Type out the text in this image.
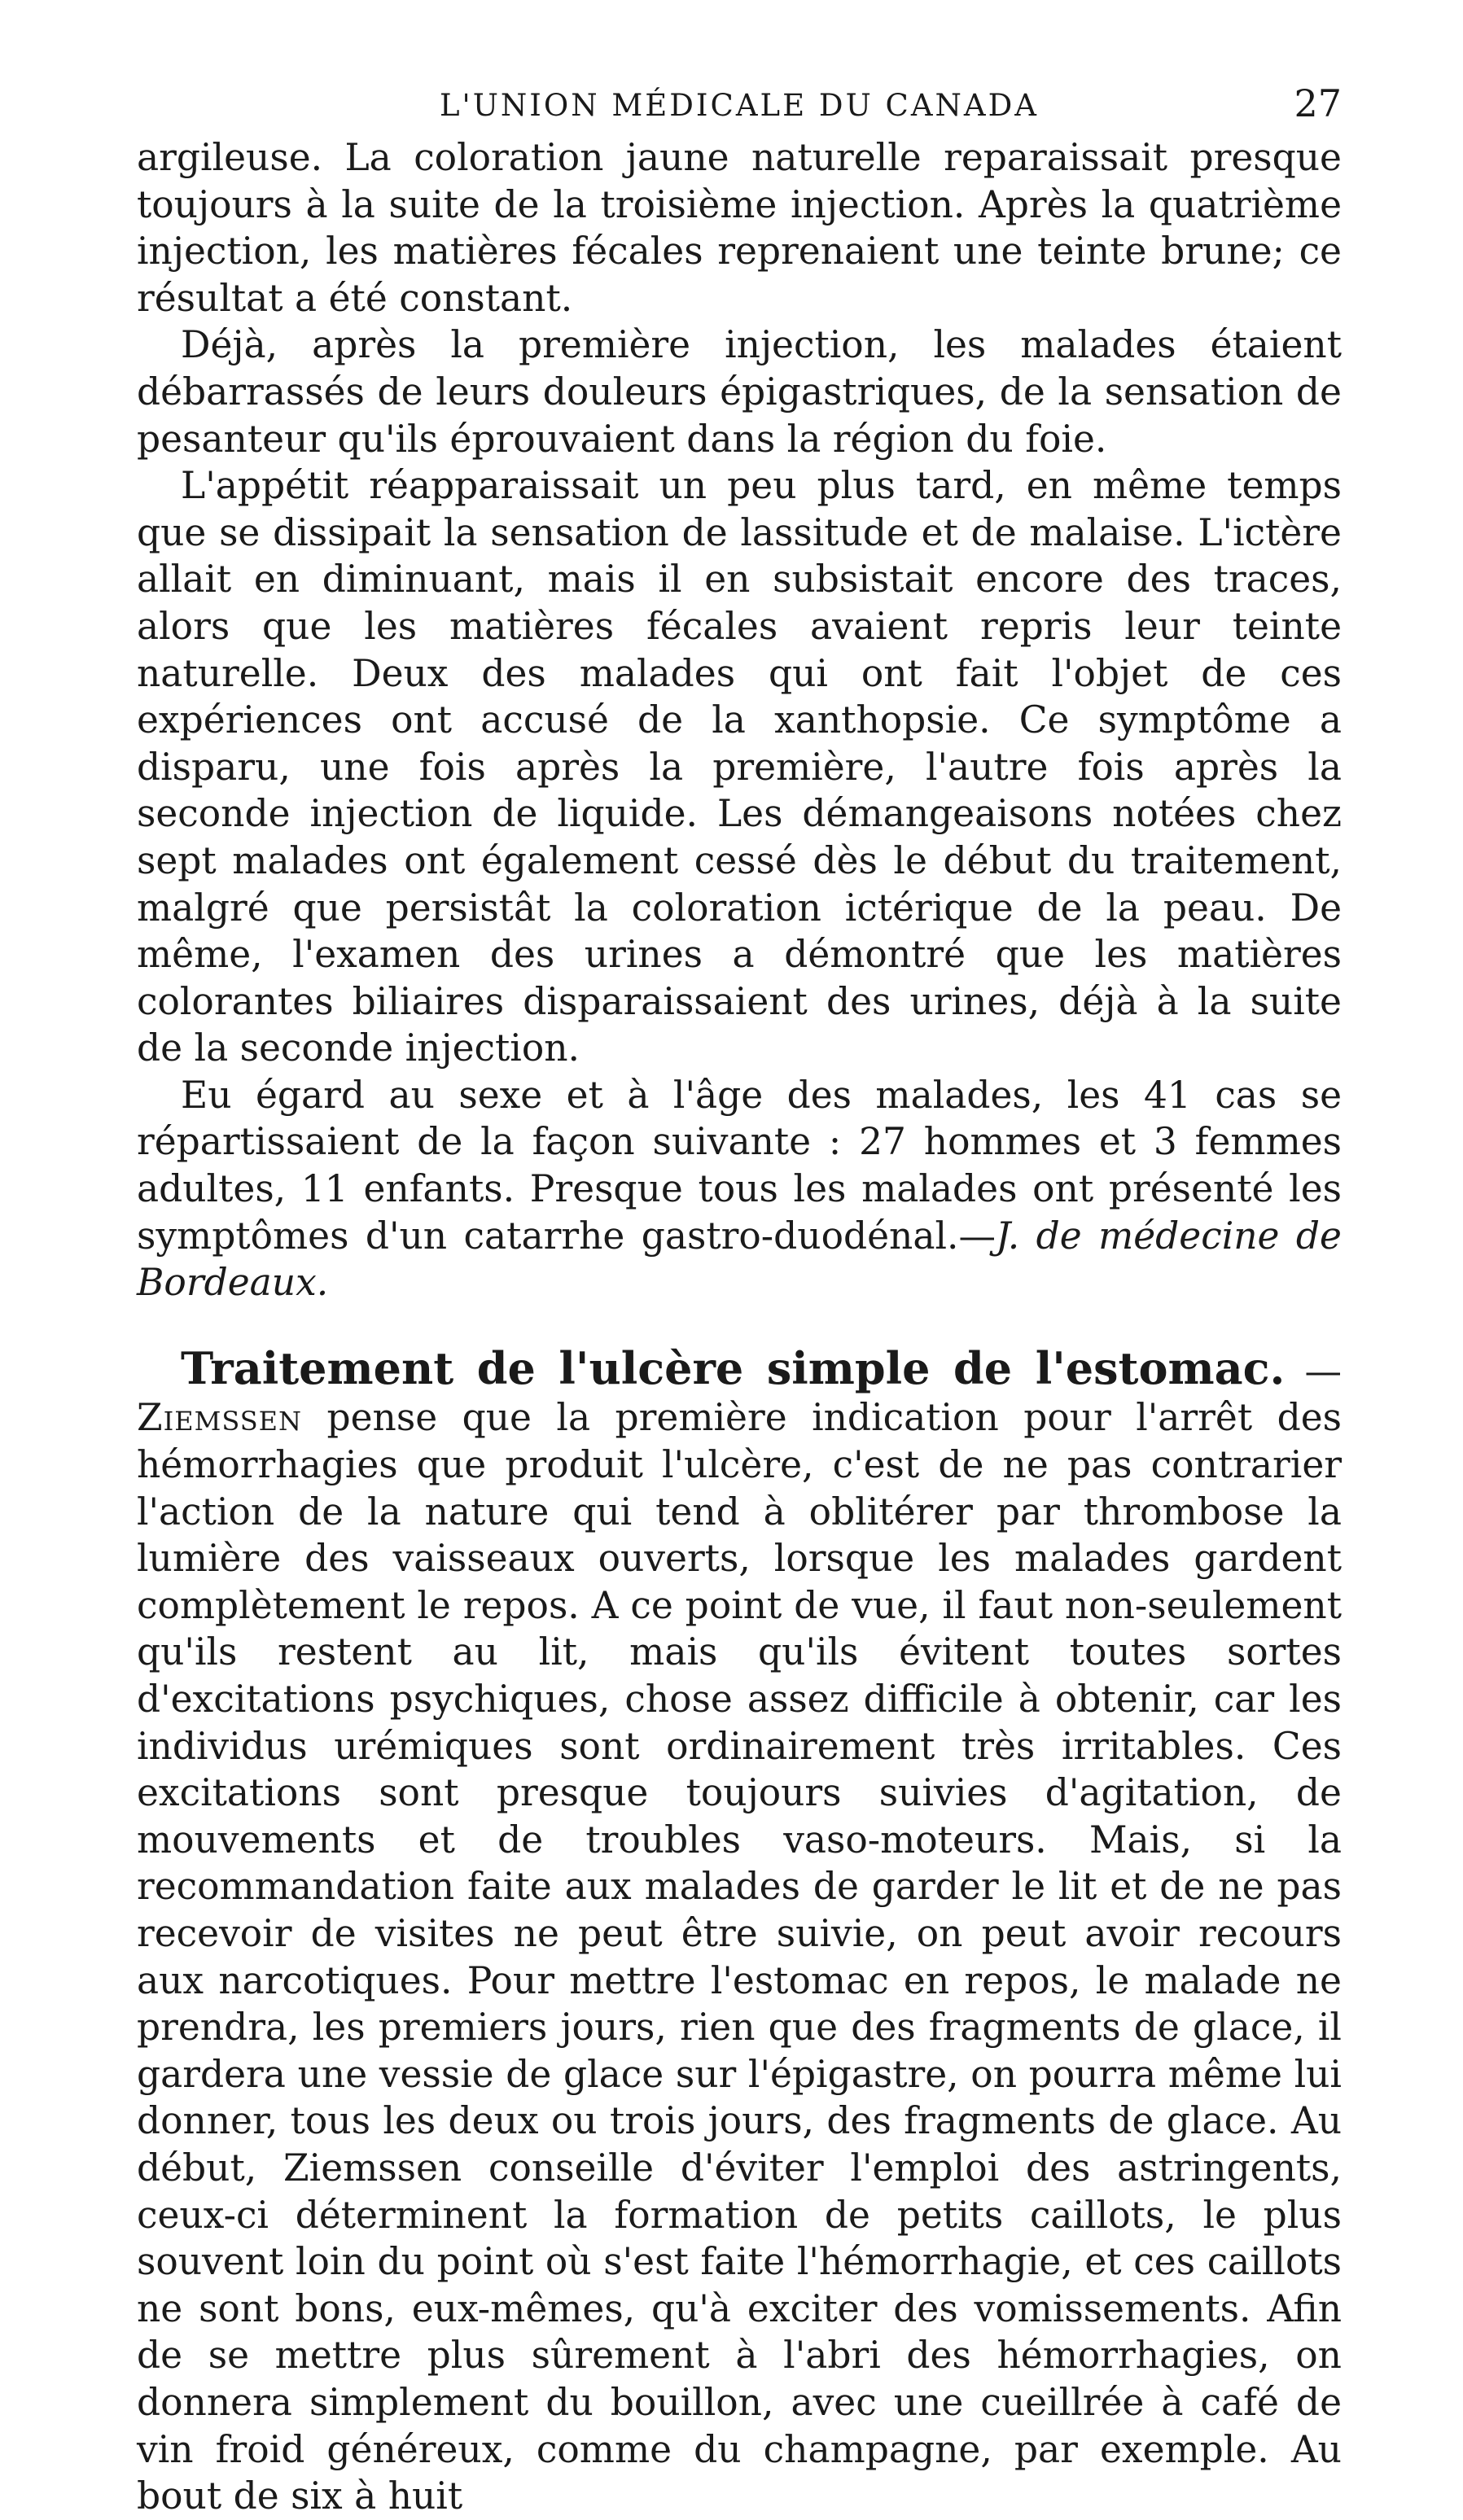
L'UNION MÉDICALE DU CANADA	27

argileuse. La coloration jaune naturelle reparaissait presque toujours à la suite de la troisième injection. Après la quatrième injection, les matières fécales reprenaient une teinte brune; ce résultat a été constant.

Déjà, après la première injection, les malades étaient débarrassés de leurs douleurs épigastriques, de la sensation de pesanteur qu'ils éprouvaient dans la région du foie.

L'appétit réapparaissait un peu plus tard, en même temps que se dissipait la sensation de lassitude et de malaise. L'ictère allait en diminuant, mais il en subsistait encore des traces, alors que les matières fécales avaient repris leur teinte naturelle. Deux des malades qui ont fait l'objet de ces expériences ont accusé de la xanthopsie. Ce symptôme a disparu, une fois après la première, l'autre fois après la seconde injection de liquide. Les démangeaisons notées chez sept malades ont également cessé dès le début du traitement, malgré que persistât la coloration ictérique de la peau. De même, l'examen des urines a démontré que les matières colorantes biliaires disparaissaient des urines, déjà à la suite de la seconde injection.

Eu égard au sexe et à l'âge des malades, les 41 cas se répartissaient de la façon suivante : 27 hommes et 3 femmes adultes, 11 enfants. Presque tous les malades ont présenté les symptômes d'un catarrhe gastro-duodénal.—J. de médecine de Bordeaux.

Traitement de l'ulcère simple de l'estomac. — Ziemssen pense que la première indication pour l'arrêt des hémorrhagies que produit l'ulcère, c'est de ne pas contrarier l'action de la nature qui tend à oblitérer par thrombose la lumière des vaisseaux ouverts, lorsque les malades gardent complètement le repos. A ce point de vue, il faut non-seulement qu'ils restent au lit, mais qu'ils évitent toutes sortes d'excitations psychiques, chose assez difficile à obtenir, car les individus urémiques sont ordinairement très irritables. Ces excitations sont presque toujours suivies d'agitation, de mouvements et de troubles vaso-moteurs. Mais, si la recommandation faite aux malades de garder le lit et de ne pas recevoir de visites ne peut être suivie, on peut avoir recours aux narcotiques. Pour mettre l'estomac en repos, le malade ne prendra, les premiers jours, rien que des fragments de glace, il gardera une vessie de glace sur l'épigastre, on pourra même lui donner, tous les deux ou trois jours, des fragments de glace. Au début, Ziemssen conseille d'éviter l'emploi des astringents, ceux-ci déterminent la formation de petits caillots, le plus souvent loin du point où s'est faite l'hémorrhagie, et ces caillots ne sont bons, eux-mêmes, qu'à exciter des vomissements. Afin de se mettre plus sûrement à l'abri des hémorrhagies, on donnera simplement du bouillon, avec une cueillrée à café de vin froid généreux, comme du champagne, par exemple. Au bout de six à huit
